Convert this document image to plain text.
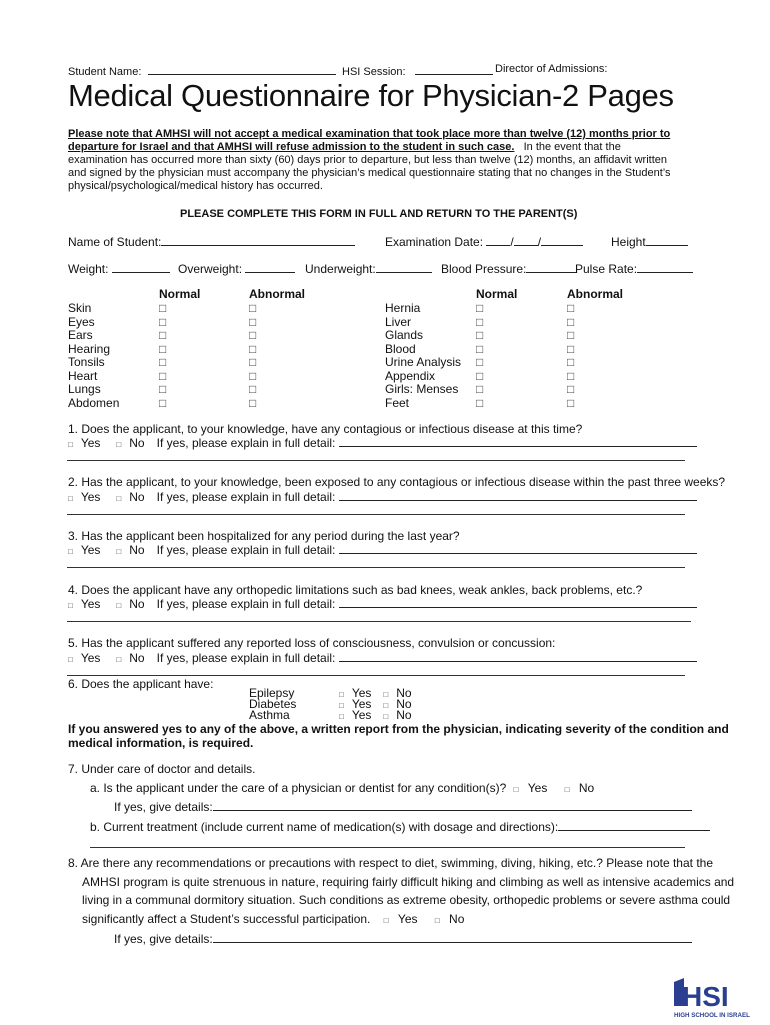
Student Name:	HSI Session:	Director of Admissions:
Medical Questionnaire for Physician-2 Pages
Please note that AMHSI will not accept a medical examination that took place more than twelve (12) months prior to
departure for Israel and that AMHSI will refuse admission to the student in such case. In the event that the
examination has occurred more than sixty (60) days prior to departure, but less than twelve (12) months, an affidavit written
and signed by the physician must accompany the physician’s medical questionnaire stating that no changes in the Student’s
physical/psychological/medical history has occurred.
PLEASE COMPLETE THIS FORM IN FULL AND RETURN TO THE PARENT(S)
Name of Student:	Examination Date: / /	Height
Weight:	Overweight:	Underweight:	Blood Pressure:	Pulse Rate:
Normal	Abnormal	Normal	Abnormal
Skin	□	□	Hernia	□	□
Eyes	□	□	Liver	□	□
Ears	□	□	Glands	□	□
Hearing	□	□	Blood	□	□
Tonsils	□	□	Urine Analysis □	□
Heart	□	□	Appendix	□	□
Lungs	□	□	Girls: Menses □	□
Abdomen	□	□	Feet	□	□
1. Does the applicant, to your knowledge, have any contagious or infectious disease at this time?
□ Yes □ No If yes, please explain in full detail:
2. Has the applicant, to your knowledge, been exposed to any contagious or infectious disease within the past three weeks?
□ Yes □ No If yes, please explain in full detail:
3. Has the applicant been hospitalized for any period during the last year?
□ Yes □ No If yes, please explain in full detail:
4. Does the applicant have any orthopedic limitations such as bad knees, weak ankles, back problems, etc.?
□ Yes □ No If yes, please explain in full detail:
5. Has the applicant suffered any reported loss of consciousness, convulsion or concussion:
□ Yes □ No If yes, please explain in full detail:
6. Does the applicant have:
Epilepsy	□ Yes □ No
Diabetes	□ Yes □ No
Asthma	□ Yes □ No
If you answered yes to any of the above, a written report from the physician, indicating severity of the condition and
medical information, is required.
7. Under care of doctor and details.
a. Is the applicant under the care of a physician or dentist for any condition(s)? □ Yes □ No
If yes, give details:
b. Current treatment (include current name of medication(s) with dosage and directions):
8. Are there any recommendations or precautions with respect to diet, swimming, diving, hiking, etc.? Please note that the
AMHSI program is quite strenuous in nature, requiring fairly difficult hiking and climbing as well as intensive academics and
living in a communal dormitory situation. Such conditions as extreme obesity, orthopedic problems or severe asthma could
significantly affect a Student’s successful participation. □ Yes □ No
If yes, give details:
HSI
HIGH SCHOOL IN ISRAEL
